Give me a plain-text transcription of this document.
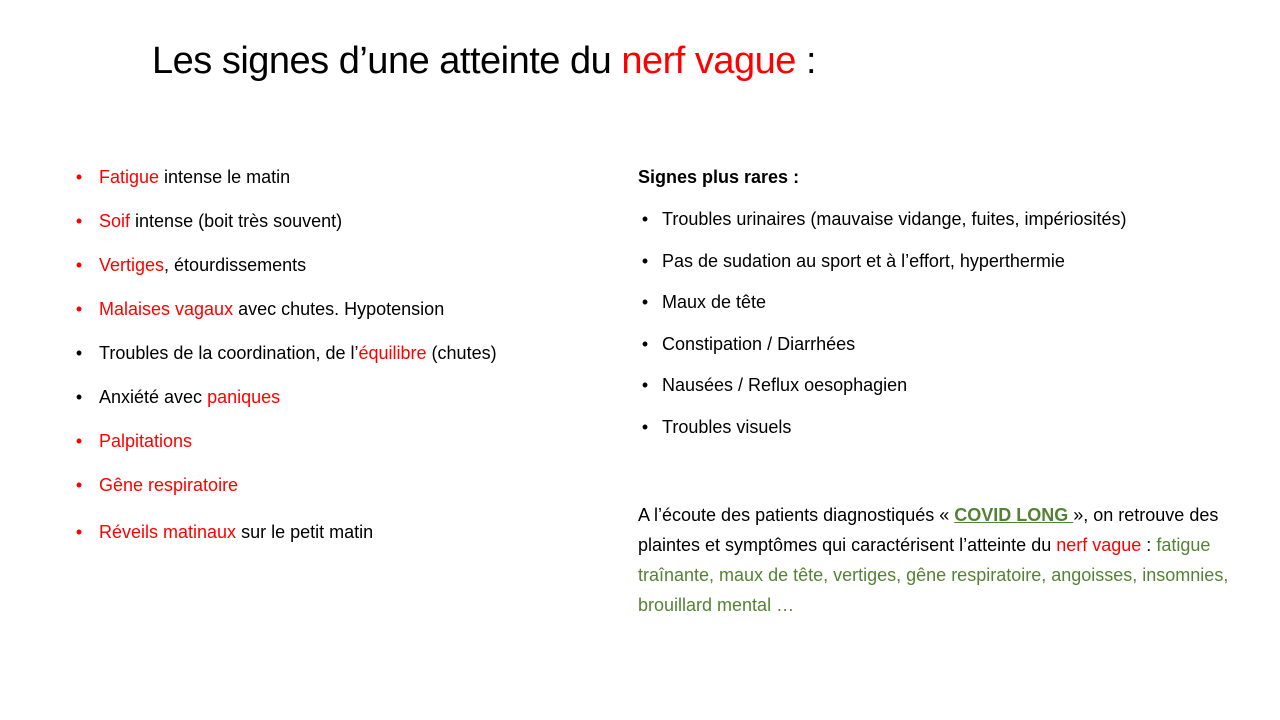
Les signes d’une atteinte du nerf vague :
• Fatigue intense le matin
• Soif intense (boit très souvent)
• Vertiges, étourdissements
• Malaises vagaux avec chutes. Hypotension
• Troubles de la coordination, de l’équilibre (chutes)
• Anxiété avec paniques
• Palpitations
• Gêne respiratoire
• Réveils matinaux sur le petit matin
Signes plus rares :
• Troubles urinaires (mauvaise vidange, fuites, impériosités)
• Pas de sudation au sport et à l’effort, hyperthermie
• Maux de tête
• Constipation / Diarrhées
• Nausées / Reflux oesophagien
• Troubles visuels
A l’écoute des patients diagnostiqués « COVID LONG », on retrouve des plaintes et symptômes qui caractérisent l’atteinte du nerf vague : fatigue traînante, maux de tête, vertiges, gêne respiratoire, angoisses, insomnies, brouillard mental …
